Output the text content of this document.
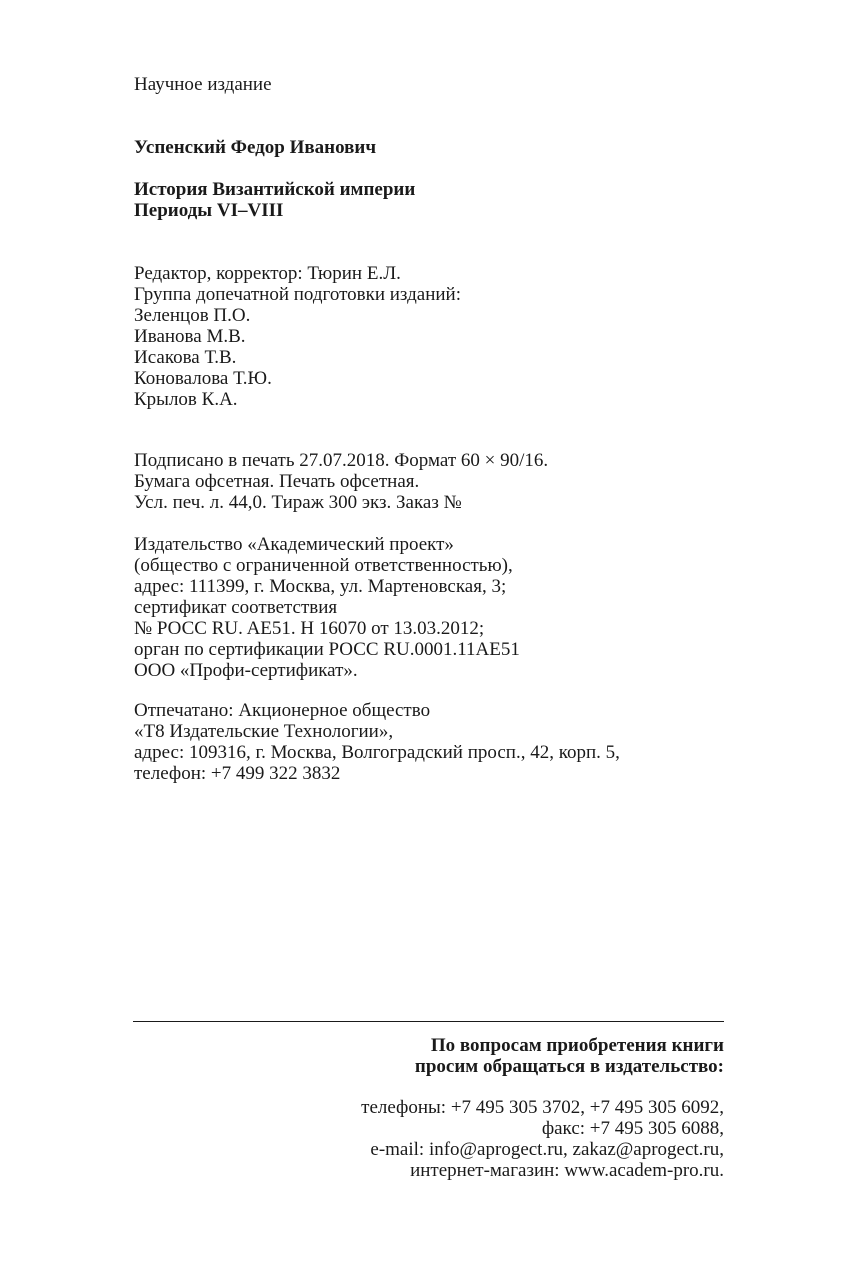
Научное издание
Успенский Федор Иванович
История Византийской империи
Периоды VI–VIII
Редактор, корректор: Тюрин Е.Л.
Группа допечатной подготовки изданий:
Зеленцов П.О.
Иванова М.В.
Исакова Т.В.
Коновалова Т.Ю.
Крылов К.А.
Подписано в печать 27.07.2018. Формат 60 × 90/16.
Бумага офсетная. Печать офсетная.
Усл. печ. л. 44,0. Тираж 300 экз. Заказ №
Издательство «Академический проект»
(общество с ограниченной ответственностью),
адрес: 111399, г. Москва, ул. Мартеновская, 3;
сертификат соответствия
№ РОСС RU. AE51. H 16070 от 13.03.2012;
орган по сертификации РОСС RU.0001.11AE51
ООО «Профи-сертификат».
Отпечатано: Акционерное общество
«Т8 Издательские Технологии»,
адрес: 109316, г. Москва, Волгоградский просп., 42, корп. 5,
телефон: +7 499 322 3832
По вопросам приобретения книги
просим обращаться в издательство:
телефоны: +7 495 305 3702, +7 495 305 6092,
факс: +7 495 305 6088,
e-mail: info@aprogect.ru, zakaz@aprogect.ru,
интернет-магазин: www.academ-pro.ru.
